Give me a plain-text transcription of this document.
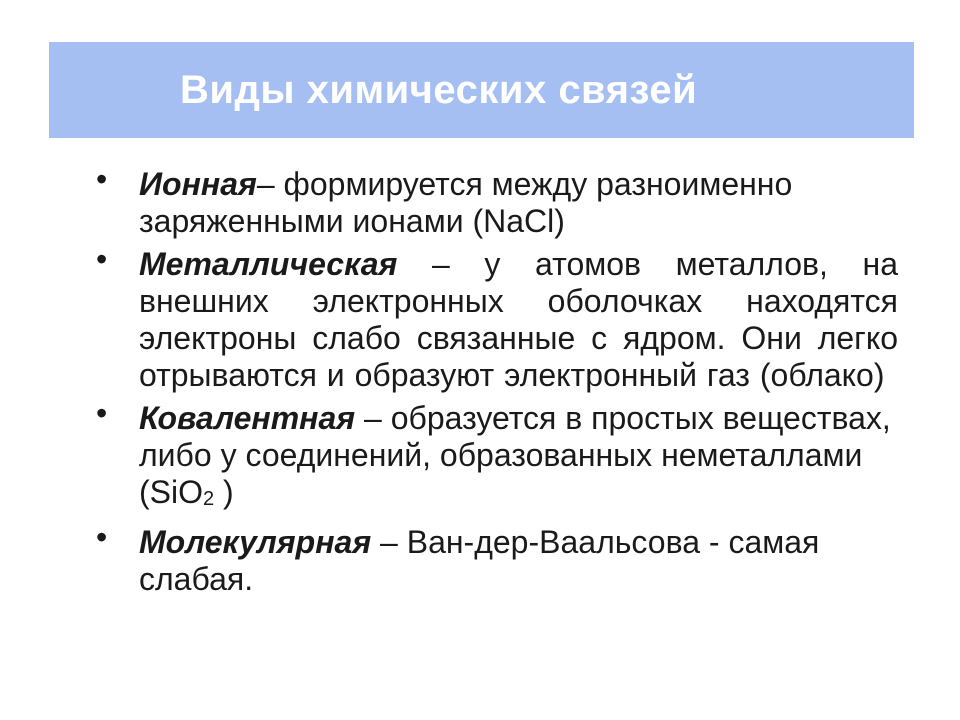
Виды химических связей
• Ионная– формируется между разноименно заряженными ионами (NaCl)
• Металлическая – у атомов металлов, на внешних электронных оболочках находятся электроны слабо связанные с ядром. Они легко отрываются и образуют электронный газ (облако)
• Ковалентная – образуется в простых веществах, либо у соединений, образованных неметаллами (SiO2 )
• Молекулярная – Ван-дер-Ваальсова - самая слабая.
